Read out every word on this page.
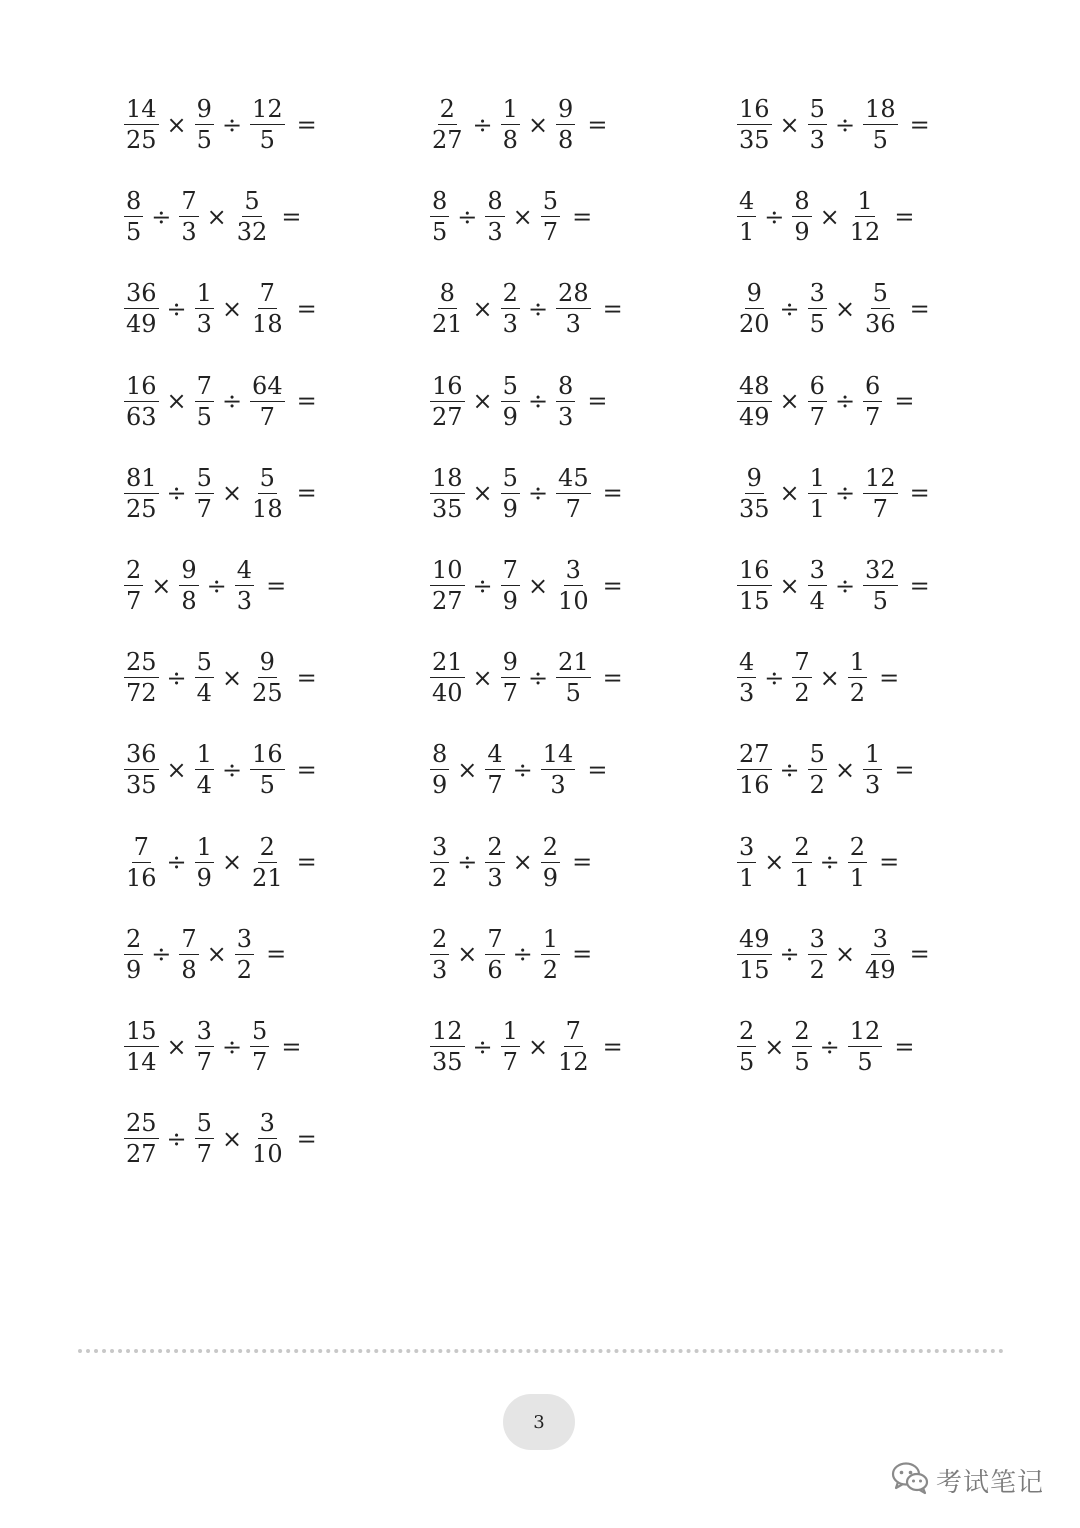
$\frac{14}{25} \times \frac{9}{5} \div \frac{12}{5}$ =	$\frac{2}{27} \div \frac{1}{8} \times \frac{9}{8}$ =	$\frac{16}{35} \times \frac{5}{3} \div \frac{18}{5}$ =
$\frac{8}{5} \div \frac{7}{3} \times \frac{5}{32}$ =	$\frac{8}{5} \div \frac{8}{3} \times \frac{5}{7}$ =	$\frac{4}{1} \div \frac{8}{9} \times \frac{1}{12}$ =
$\frac{36}{49} \div \frac{1}{3} \times \frac{7}{18}$ =	$\frac{8}{21} \times \frac{2}{3} \div \frac{28}{3}$ =	$\frac{9}{20} \div \frac{3}{5} \times \frac{5}{36}$ =
$\frac{16}{63} \times \frac{7}{5} \div \frac{64}{7}$ =	$\frac{16}{27} \times \frac{5}{9} \div \frac{8}{3}$ =	$\frac{48}{49} \times \frac{6}{7} \div \frac{6}{7}$ =
$\frac{81}{25} \div \frac{5}{7} \times \frac{5}{18}$ =	$\frac{18}{35} \times \frac{5}{9} \div \frac{45}{7}$ =	$\frac{9}{35} \times \frac{1}{1} \div \frac{12}{7}$ =
$\frac{2}{7} \times \frac{9}{8} \div \frac{4}{3}$ =	$\frac{10}{27} \div \frac{7}{9} \times \frac{3}{10}$ =	$\frac{16}{15} \times \frac{3}{4} \div \frac{32}{5}$ =
$\frac{25}{72} \div \frac{5}{4} \times \frac{9}{25}$ =	$\frac{21}{40} \times \frac{9}{7} \div \frac{21}{5}$ =	$\frac{4}{3} \div \frac{7}{2} \times \frac{1}{2}$ =
$\frac{36}{35} \times \frac{1}{4} \div \frac{16}{5}$ =	$\frac{8}{9} \times \frac{4}{7} \div \frac{14}{3}$ =	$\frac{27}{16} \div \frac{5}{2} \times \frac{1}{3}$ =
$\frac{7}{16} \div \frac{1}{9} \times \frac{2}{21}$ =	$\frac{3}{2} \div \frac{2}{3} \times \frac{2}{9}$ =	$\frac{3}{1} \times \frac{2}{1} \div \frac{2}{1}$ =
$\frac{2}{9} \div \frac{7}{8} \times \frac{3}{2}$ =	$\frac{2}{3} \times \frac{7}{6} \div \frac{1}{2}$ =	$\frac{49}{15} \div \frac{3}{2} \times \frac{3}{49}$ =
$\frac{15}{14} \times \frac{3}{7} \div \frac{5}{7}$ =	$\frac{12}{35} \div \frac{1}{7} \times \frac{7}{12}$ =	$\frac{2}{5} \times \frac{2}{5} \div \frac{12}{5}$ =
$\frac{25}{27} \div \frac{5}{7} \times \frac{3}{10}$ =
3
考试笔记
